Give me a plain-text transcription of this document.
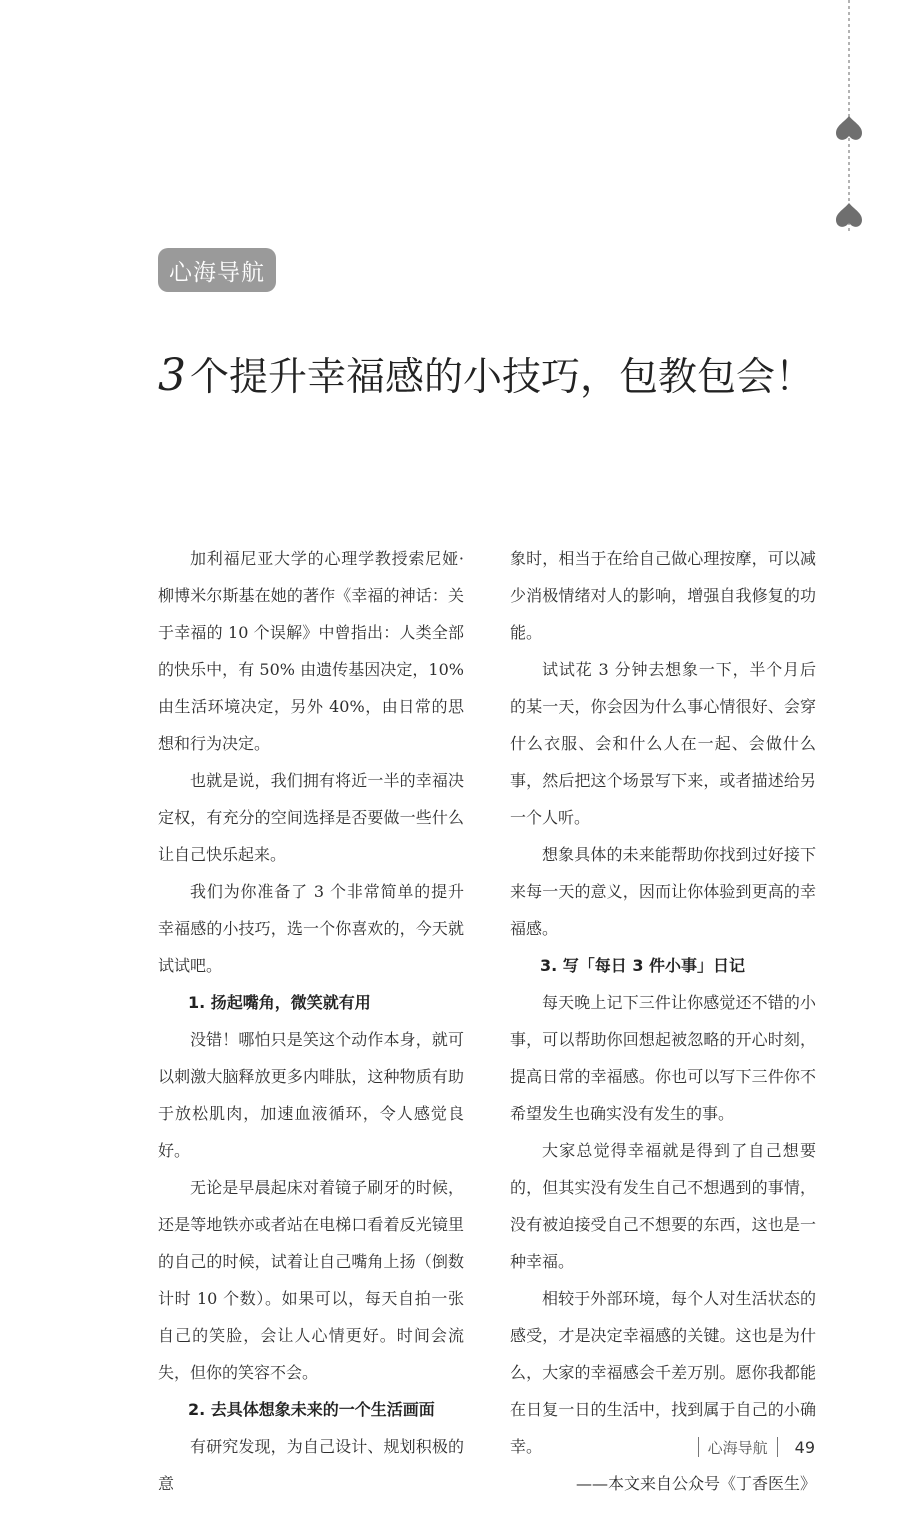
心海导航
3 个提升幸福感的小技巧，包教包会！

加利福尼亚大学的心理学教授索尼娅·柳博米尔斯基在她的著作《幸福的神话：关于幸福的 10 个误解》中曾指出：人类全部的快乐中，有 50% 由遗传基因决定，10% 由生活环境决定，另外 40%，由日常的思想和行为决定。

也就是说，我们拥有将近一半的幸福决定权，有充分的空间选择是否要做一些什么让自己快乐起来。

我们为你准备了 3 个非常简单的提升幸福感的小技巧，选一个你喜欢的，今天就试试吧。

1. 扬起嘴角，微笑就有用

没错！哪怕只是笑这个动作本身，就可以刺激大脑释放更多内啡肽，这种物质有助于放松肌肉，加速血液循环，令人感觉良好。

无论是早晨起床对着镜子刷牙的时候，还是等地铁亦或者站在电梯口看着反光镜里的自己的时候，试着让自己嘴角上扬（倒数计时 10 个数）。如果可以，每天自拍一张自己的笑脸，会让人心情更好。时间会流失，但你的笑容不会。

2. 去具体想象未来的一个生活画面

有研究发现，为自己设计、规划积极的意

象时，相当于在给自己做心理按摩，可以减少消极情绪对人的影响，增强自我修复的功能。

试试花 3 分钟去想象一下，半个月后的某一天，你会因为什么事心情很好、会穿什么衣服、会和什么人在一起、会做什么事，然后把这个场景写下来，或者描述给另一个人听。

想象具体的未来能帮助你找到过好接下来每一天的意义，因而让你体验到更高的幸福感。

3. 写「每日 3 件小事」日记

每天晚上记下三件让你感觉还不错的小事，可以帮助你回想起被忽略的开心时刻，提高日常的幸福感。你也可以写下三件你不希望发生也确实没有发生的事。

大家总觉得幸福就是得到了自己想要的，但其实没有发生自己不想遇到的事情，没有被迫接受自己不想要的东西，这也是一种幸福。

相较于外部环境，每个人对生活状态的感受，才是决定幸福感的关键。这也是为什么，大家的幸福感会千差万别。愿你我都能在日复一日的生活中，找到属于自己的小确幸。

——本文来自公众号《丁香医生》

心海导航 49
